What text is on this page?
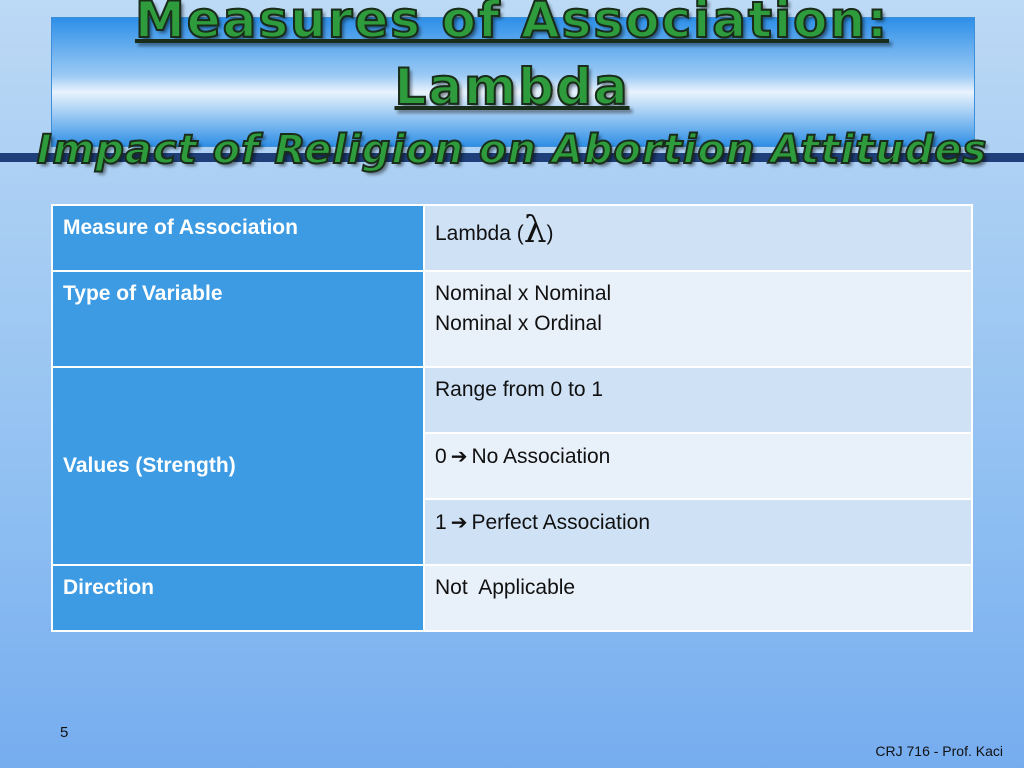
Measures of Association:
Lambda
Impact of Religion on Abortion Attitudes
Measure of Association	Lambda (λ)
Type of Variable	Nominal x Nominal
Nominal x Ordinal

Values (Strength)	Range from 0 to 1
	0 ➔ No Association
	1 ➔ Perfect Association
Direction	Not  Applicable
5
CRJ 716 - Prof. Kaci
